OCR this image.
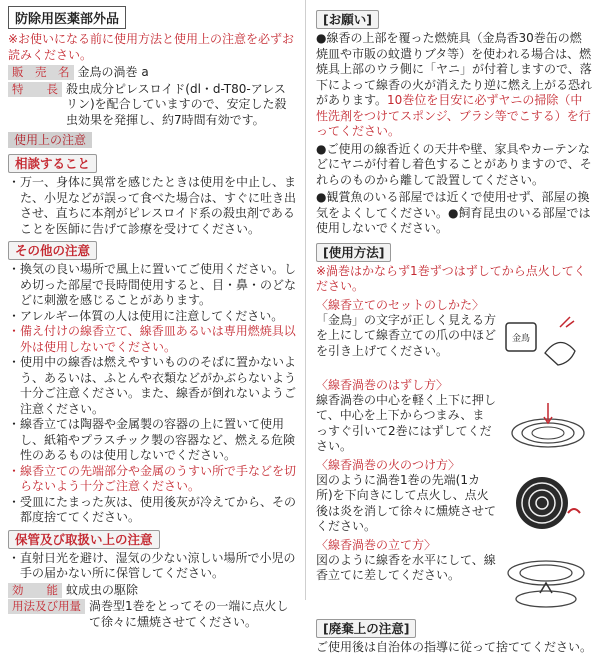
防除用医薬部外品

※お使いになる前に使用方法と使用上の注意を必ずお読みください。

販　売　名 金鳥の渦巻 a
特　　長 殺虫成分ピレスロイド(dl・d-T80-アレスリン)を配合していますので、安定した殺虫効果を発揮し、約7時間有効です。
使用上の注意
相談すること

・万一、身体に異常を感じたときは使用を中止し、また、小児などが誤って食べた場合は、すぐに吐き出させ、直ちに本剤がピレスロイド系の殺虫剤であることを医師に告げて診療を受けてください。

その他の注意

・換気の良い場所で風上に置いてご使用ください。しめ切った部屋で長時間使用すると、目・鼻・のどなどに刺激を感じることがあります。

・アレルギー体質の人は使用に注意してください。

・備え付けの線香立て、線香皿あるいは専用燃焼具以外は使用しないでください。

・使用中の線香は燃えやすいもののそばに置かないよう、あるいは、ふとんや衣類などがかぶらないよう十分ご注意ください。また、線香が倒れないようご注意ください。

・線香立ては陶器や金属製の容器の上に置いて使用し、紙箱やプラスチック製の容器など、燃える危険性のあるものは使用しないでください。

・線香立ての先端部分や金属のうすい所で手などを切らないよう十分ご注意ください。

・受皿にたまった灰は、使用後灰が冷えてから、その都度捨ててください。

保管及び取扱い上の注意

・直射日光を避け、湿気の少ない涼しい場所で小児の手の届かない所に保管してください。

効　　能 蚊成虫の駆除
用法及び用量 渦巻型1巻をとってその一端に点火して徐々に燻焼させてください。
[お願い]

●線香の上部を覆った燃焼具（金鳥香30巻缶の燃焼皿や市販の蚊遣りブタ等）を使われる場合は、燃焼具上部のウラ側に「ヤニ」が付着しますので、落下によって線香の火が消えたり逆に燃え上がる恐れがあります。10巻位を目安に必ずヤニの掃除（中性洗剤をつけてスポンジ、ブラシ等でこする）を行ってください。

●ご使用の線香近くの天井や壁、家具やカーテンなどにヤニが付着し着色することがありますので、それらのものから離して設置してください。

●観賞魚のいる部屋では近くで使用せず、部屋の換気をよくしてください。●飼育昆虫のいる部屋では使用しないでください。

[使用方法]

※渦巻はかならず1巻ずつはずしてから点火してください。

〈線香立てのセットのしかた〉
「金鳥」の文字が正しく見える方を上にして線香立ての爪の中ほどを引き上げてください。
金鳥
〈線香渦巻のはずし方〉
線香渦巻の中心を軽く上下に押して、中心を上下からつまみ、まっすぐ引いて2巻にはずしてください。
〈線香渦巻の火のつけ方〉
図のように渦巻1巻の先端(1カ所)を下向きにして点火し、点火後は炎を消して徐々に燻焼させてください。
〈線香渦巻の立て方〉
図のように線香を水平にして、線香立てに差してください。
[廃棄上の注意]

ご使用後は自治体の指導に従って捨ててください。
